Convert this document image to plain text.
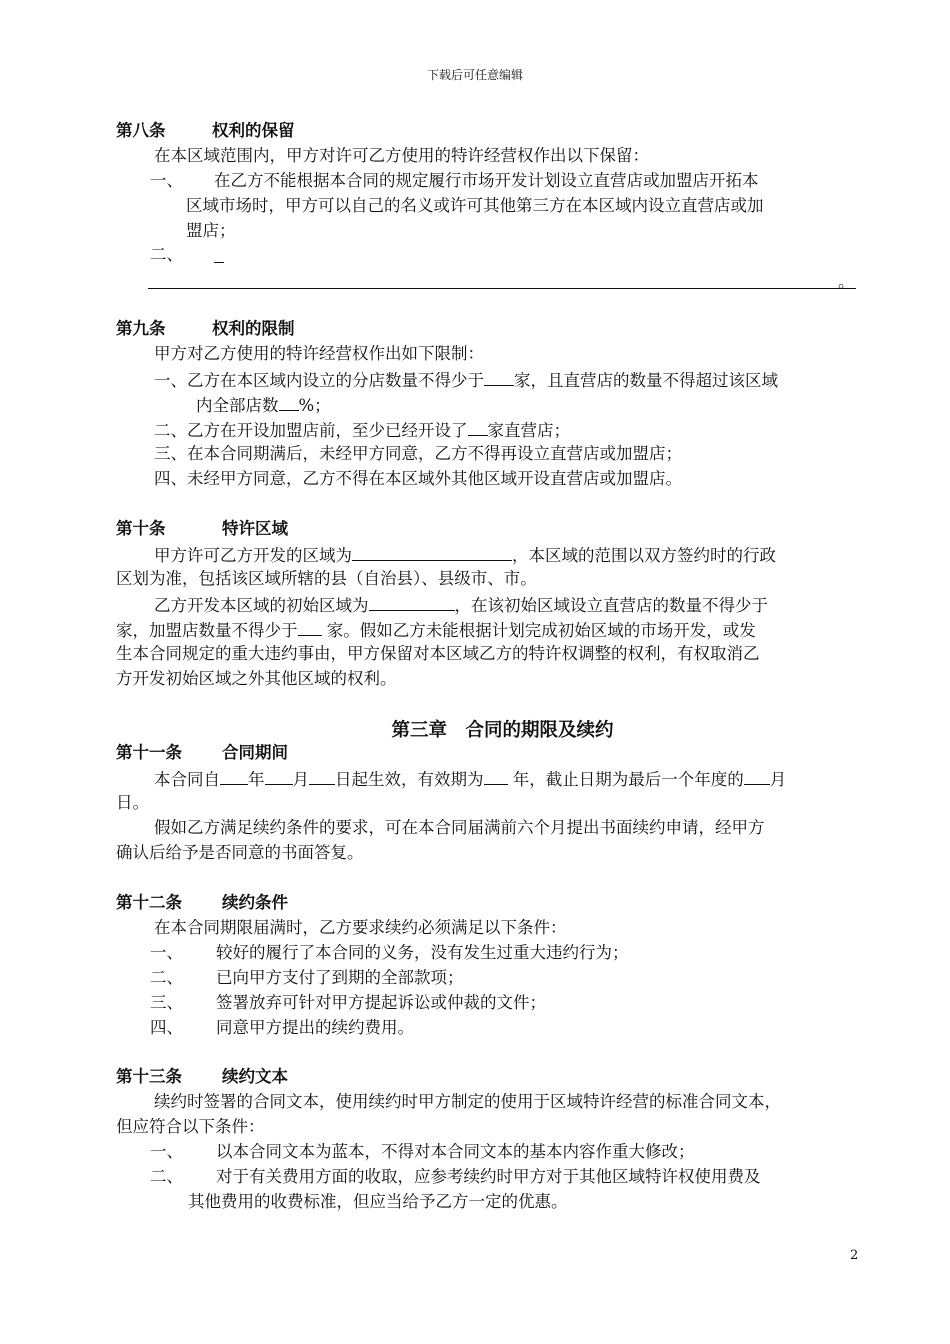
下载后可任意编辑
第八条	权利的保留
在本区域范围内，甲方对许可乙方使用的特许经营权作出以下保留：
一、 在乙方不能根据本合同的规定履行市场开发计划设立直营店或加盟店开拓本
区域市场时，甲方可以自己的名义或许可其他第三方在本区域内设立直营店或加
盟店；
二、
。
第九条	权利的限制
甲方对乙方使用的特许经营权作出如下限制：
一、乙方在本区域内设立的分店数量不得少于 家，且直营店的数量不得超过该区域
内全部店数 %；
二、乙方在开设加盟店前，至少已经开设了 家直营店；
三、在本合同期满后，未经甲方同意，乙方不得再设立直营店或加盟店；
四、未经甲方同意，乙方不得在本区域外其他区域开设直营店或加盟店。
第十条	特许区域
甲方许可乙方开发的区域为	，本区域的范围以双方签约时的行政
区划为准，包括该区域所辖的县（自治县）、县级市、市。
乙方开发本区域的初始区域为	，在该初始区域设立直营店的数量不得少于
家，加盟店数量不得少于 家。假如乙方未能根据计划完成初始区域的市场开发，或发
生本合同规定的重大违约事由，甲方保留对本区域乙方的特许权调整的权利，有权取消乙
方开发初始区域之外其他区域的权利。
第三章　合同的期限及续约
第十一条 合同期间
本合同自 年 月 日起生效，有效期为 年，截止日期为最后一个年度的 月
日。
假如乙方满足续约条件的要求，可在本合同届满前六个月提出书面续约申请，经甲方
确认后给予是否同意的书面答复。
第十二条 续约条件
在本合同期限届满时，乙方要求续约必须满足以下条件：
一、 较好的履行了本合同的义务，没有发生过重大违约行为；
二、 已向甲方支付了到期的全部款项；
三、 签署放弃可针对甲方提起诉讼或仲裁的文件；
四、 同意甲方提出的续约费用。
第十三条 续约文本
续约时签署的合同文本，使用续约时甲方制定的使用于区域特许经营的标准合同文本，
但应符合以下条件：
一、 以本合同文本为蓝本，不得对本合同文本的基本内容作重大修改；
二、 对于有关费用方面的收取，应参考续约时甲方对于其他区域特许权使用费及
其他费用的收费标准，但应当给予乙方一定的优惠。
2
